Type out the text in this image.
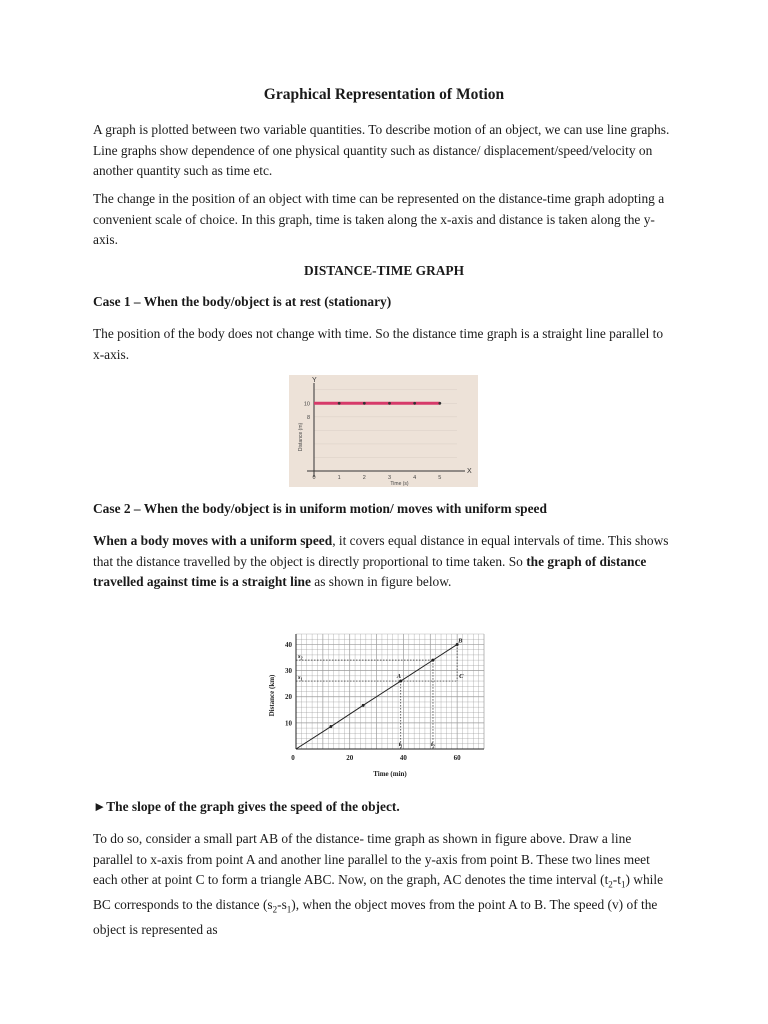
Graphical Representation of Motion

A graph is plotted between two variable quantities. To describe motion of an object, we can use line graphs. Line graphs show dependence of one physical quantity such as distance/ displacement/speed/velocity on another quantity such as time etc.

The change in the position of an object with time can be represented on the distance-time graph adopting a convenient scale of choice. In this graph, time is taken along the x-axis and distance is taken along the y-axis.

DISTANCE-TIME GRAPH

Case 1 – When the body/object is at rest (stationary)

The position of the body does not change with time. So the distance time graph is a straight line parallel to x-axis.

X
Y
0	1	2	3	4	5
10
8
Time (s)
Distance (m)

Case 2 – When the body/object is in uniform motion/ moves with uniform speed

When a body moves with a uniform speed, it covers equal distance in equal intervals of time. This shows that the distance travelled by the object is directly proportional to time taken. So the graph of distance travelled against time is a straight line as shown in figure below.

0	20	40	60
10
20
30
40
A
B
C
s₂
s₁
t₁	t₂
Time (min)
Distance (km)

►The slope of the graph gives the speed of the object.

To do so, consider a small part AB of the distance- time graph as shown in figure above. Draw a line parallel to x-axis from point A and another line parallel to the y-axis from point B. These two lines meet each other at point C to form a triangle ABC. Now, on the graph, AC denotes the time interval $(t_2-t_1)$ while BC corresponds to the distance $(s_2-s_1)$, when the object moves from the point A to B. The speed (v) of the object is represented as
